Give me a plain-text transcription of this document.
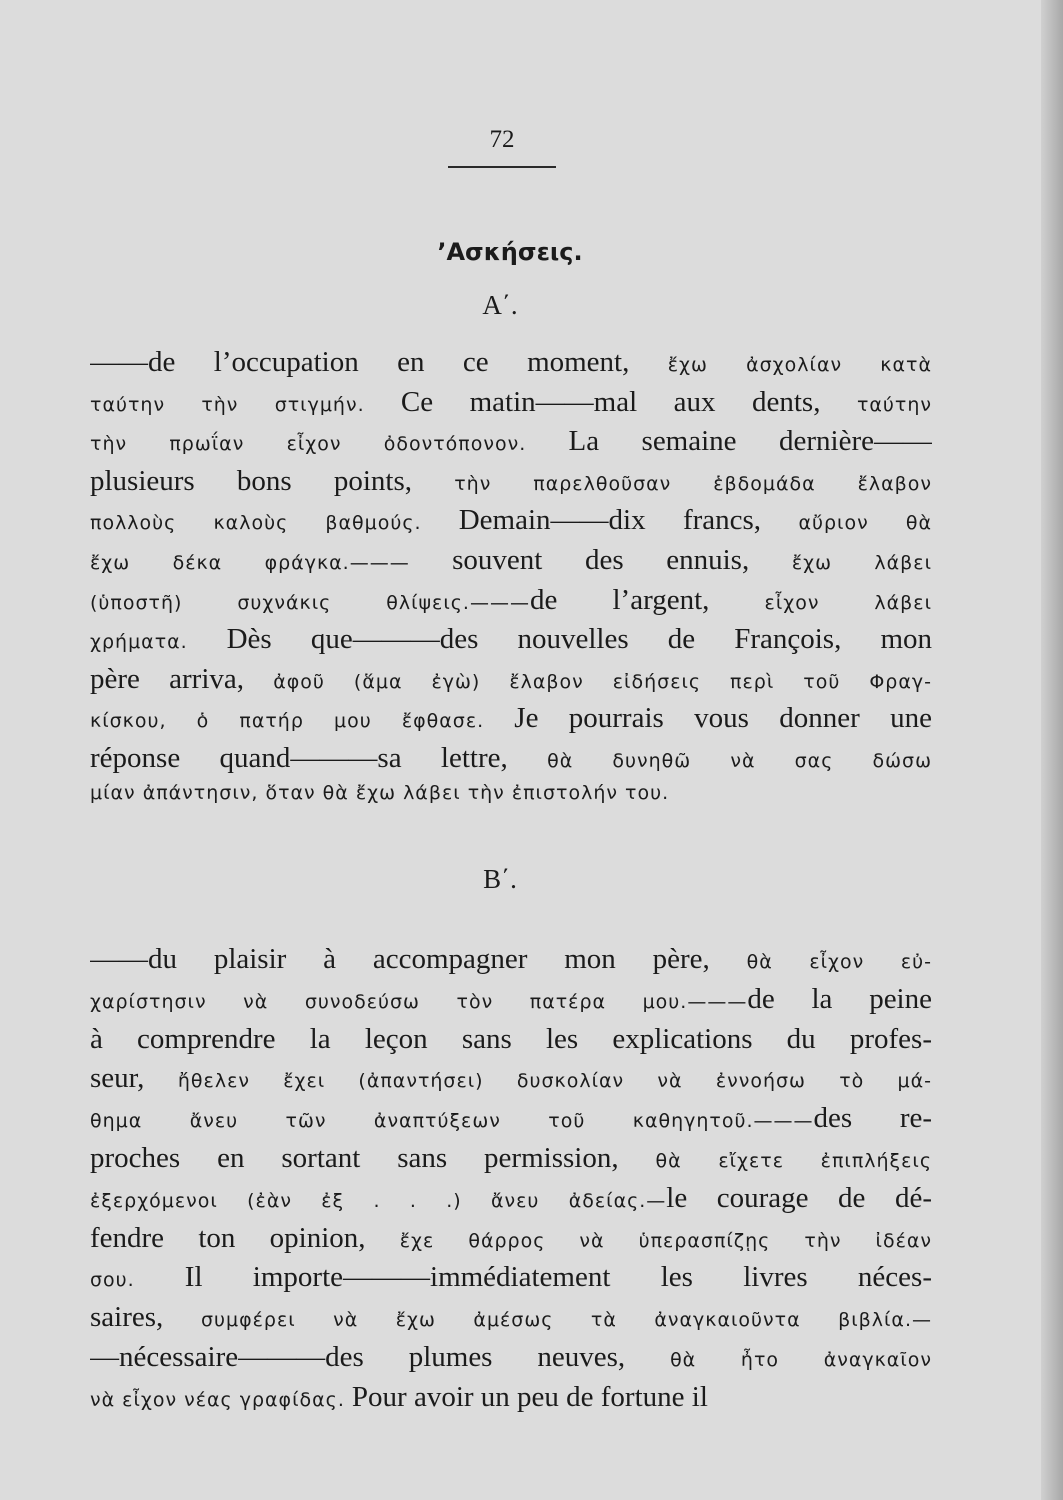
72
’Ασκήσεις.
A΄.
——de l’occupation en ce moment, ἔχω ἀσχολίαν κατὰ
ταύτην τὴν στιγμήν. Ce matin——mal aux dents, ταύτην
τὴν πρωΐαν εἶχον ὀδοντόπονον. La semaine dernière——
plusieurs bons points, τὴν παρελθοῦσαν ἑβδομάδα ἔλαβον
πολλοὺς καλοὺς βαθμούς. Demain——dix francs, αὔριον θὰ
ἔχω δέκα φράγκα.——— souvent des ennuis, ἔχω λάβει
(ὑποστῆ) συχνάκις θλίψεις.———de l’argent, εἶχον λάβει
χρήματα. Dès que———des nouvelles de François, mon
père arriva, ἀφοῦ (ἅμα ἐγὼ) ἔλαβον εἰδήσεις περὶ τοῦ Φραγ-
κίσκου, ὁ πατήρ μου ἔφθασε. Je pourrais vous donner une
réponse quand———sa lettre, θὰ δυνηθῶ νὰ σας δώσω
μίαν ἀπάντησιν, ὅταν θὰ ἔχω λάβει τὴν ἐπιστολήν του.
B΄.
——du plaisir à accompagner mon père, θὰ εἶχον εὐ-
χαρίστησιν νὰ συνοδεύσω τὸν πατέρα μου.———de la peine
à comprendre la leçon sans les explications du profes-
seur, ἤθελεν ἔχει (ἀπαντήσει) δυσκολίαν νὰ ἐννοήσω τὸ μά-
θημα ἄνευ τῶν ἀναπτύξεων τοῦ καθηγητοῦ.———des re-
proches en sortant sans permission, θὰ εἴχετε ἐπιπλήξεις
ἐξερχόμενοι (ἐὰν ἐξ . . .) ἄνευ ἀδείας.—le courage de dé-
fendre ton opinion, ἔχε θάρρος νὰ ὑπερασπίζῃς τὴν ἰδέαν
σου. Il importe———immédiatement les livres néces-
saires, συμφέρει νὰ ἔχω ἀμέσως τὰ ἀναγκαιοῦντα βιβλία.—
—nécessaire———des plumes neuves, θὰ ἦτο ἀναγκαῖον
νὰ εἶχον νέας γραφίδας. Pour avoir un peu de fortune il
